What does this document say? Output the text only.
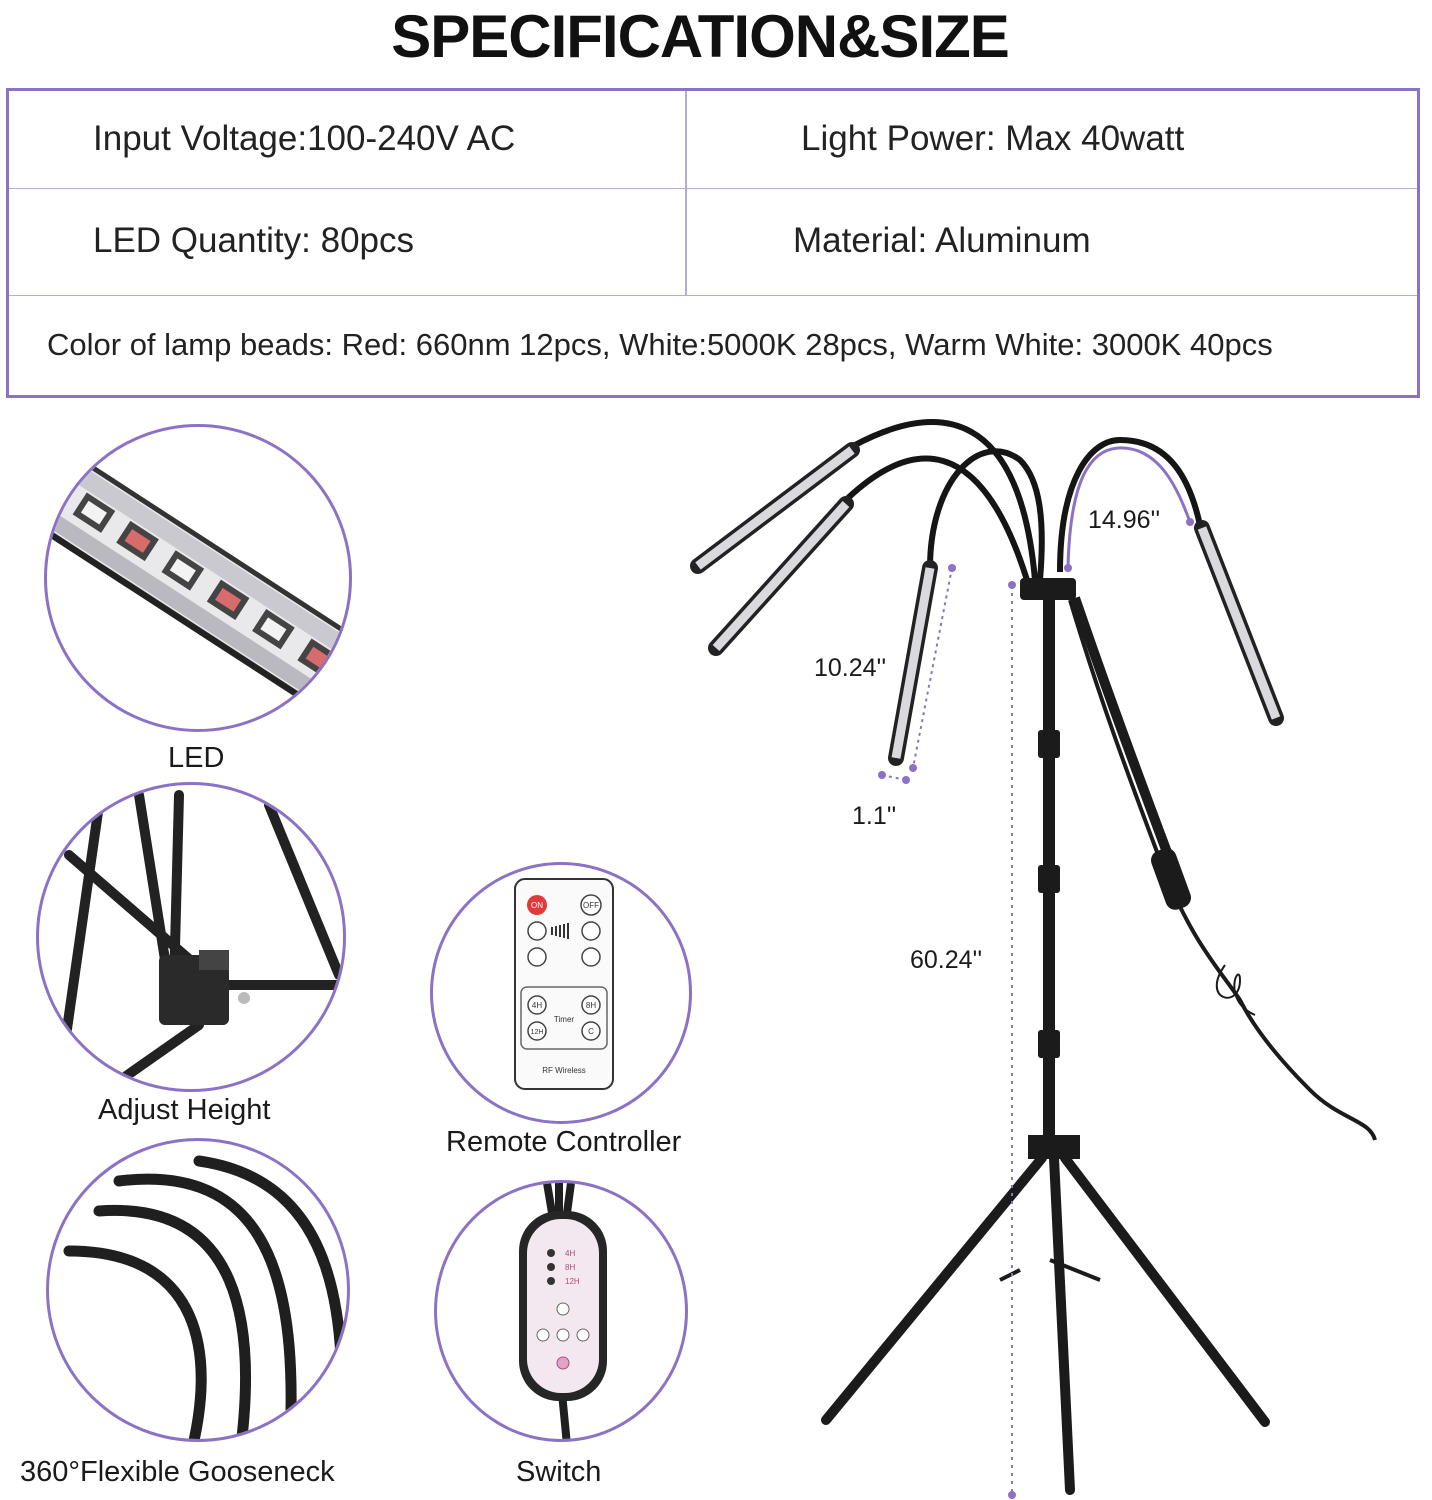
SPECIFICATION&SIZE
Input Voltage:100-240V AC	Light Power: Max 40watt
LED Quantity: 80pcs	Material: Aluminum
Color of lamp beads: Red: 660nm 12pcs, White:5000K 28pcs, Warm White: 3000K 40pcs
LED
Adjust Height
360°Flexible Gooseneck
ON	OFF
4H	8H
12H	C
Timer
RF Wireless
Remote Controller
4H
8H
12H
Switch
14.96''
10.24''
1.1''
60.24''
